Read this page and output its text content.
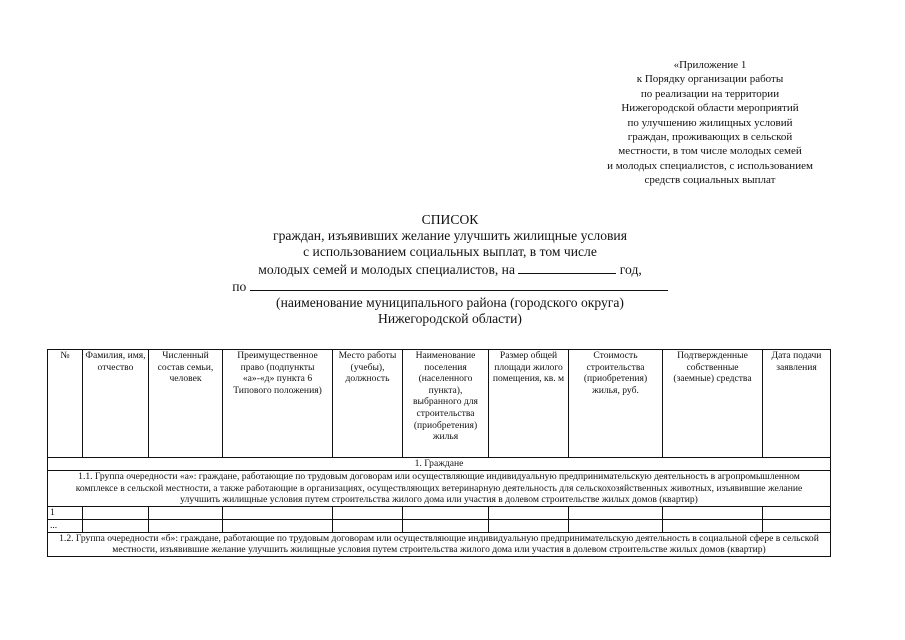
«Приложение 1
к Порядку организации работы
по реализации на территории
Нижегородской области мероприятий
по улучшению жилищных условий
граждан, проживающих в сельской
местности, в том числе молодых семей
и молодых специалистов, с использованием
средств социальных выплат
СПИСОК
граждан, изъявивших желание улучшить жилищные условия
с использованием социальных выплат, в том числе
молодых семей и молодых специалистов, на	год,
по
(наименование муниципального района (городского округа)
Нижегородской области)
№	Фамилия, имя, отчество	Численный состав семьи, человек	Преимущественное право (подпункты «а»-«д» пункта 6 Типового положения)	Место работы (учебы), должность	Наименование поселения (населенного пункта), выбранного для строительства (приобретения) жилья	Размер общей площади жилого помещения, кв. м	Стоимость строительства (приобретения) жилья, руб.	Подтвержденные собственные (заемные) средства	Дата подачи заявления
1. Граждане									
1.1. Группа очередности «а»: граждане, работающие по трудовым договорам или осуществляющие индивидуальную предпринимательскую деятельность в агропромышленном комплексе в сельской местности, а также работающие в организациях, осуществляющих ветеринарную деятельность для сельскохозяйственных животных, изъявившие желание улучшить жилищные условия путем строительства жилого дома или участия в долевом строительстве жилых домов (квартир)									
1									
...									
1.2. Группа очередности «б»: граждане, работающие по трудовым договорам или осуществляющие индивидуальную предпринимательскую деятельность в социальной сфере в сельской местности, изъявившие желание улучшить жилищные условия путем строительства жилого дома или участия в долевом строительстве жилых домов (квартир)									
